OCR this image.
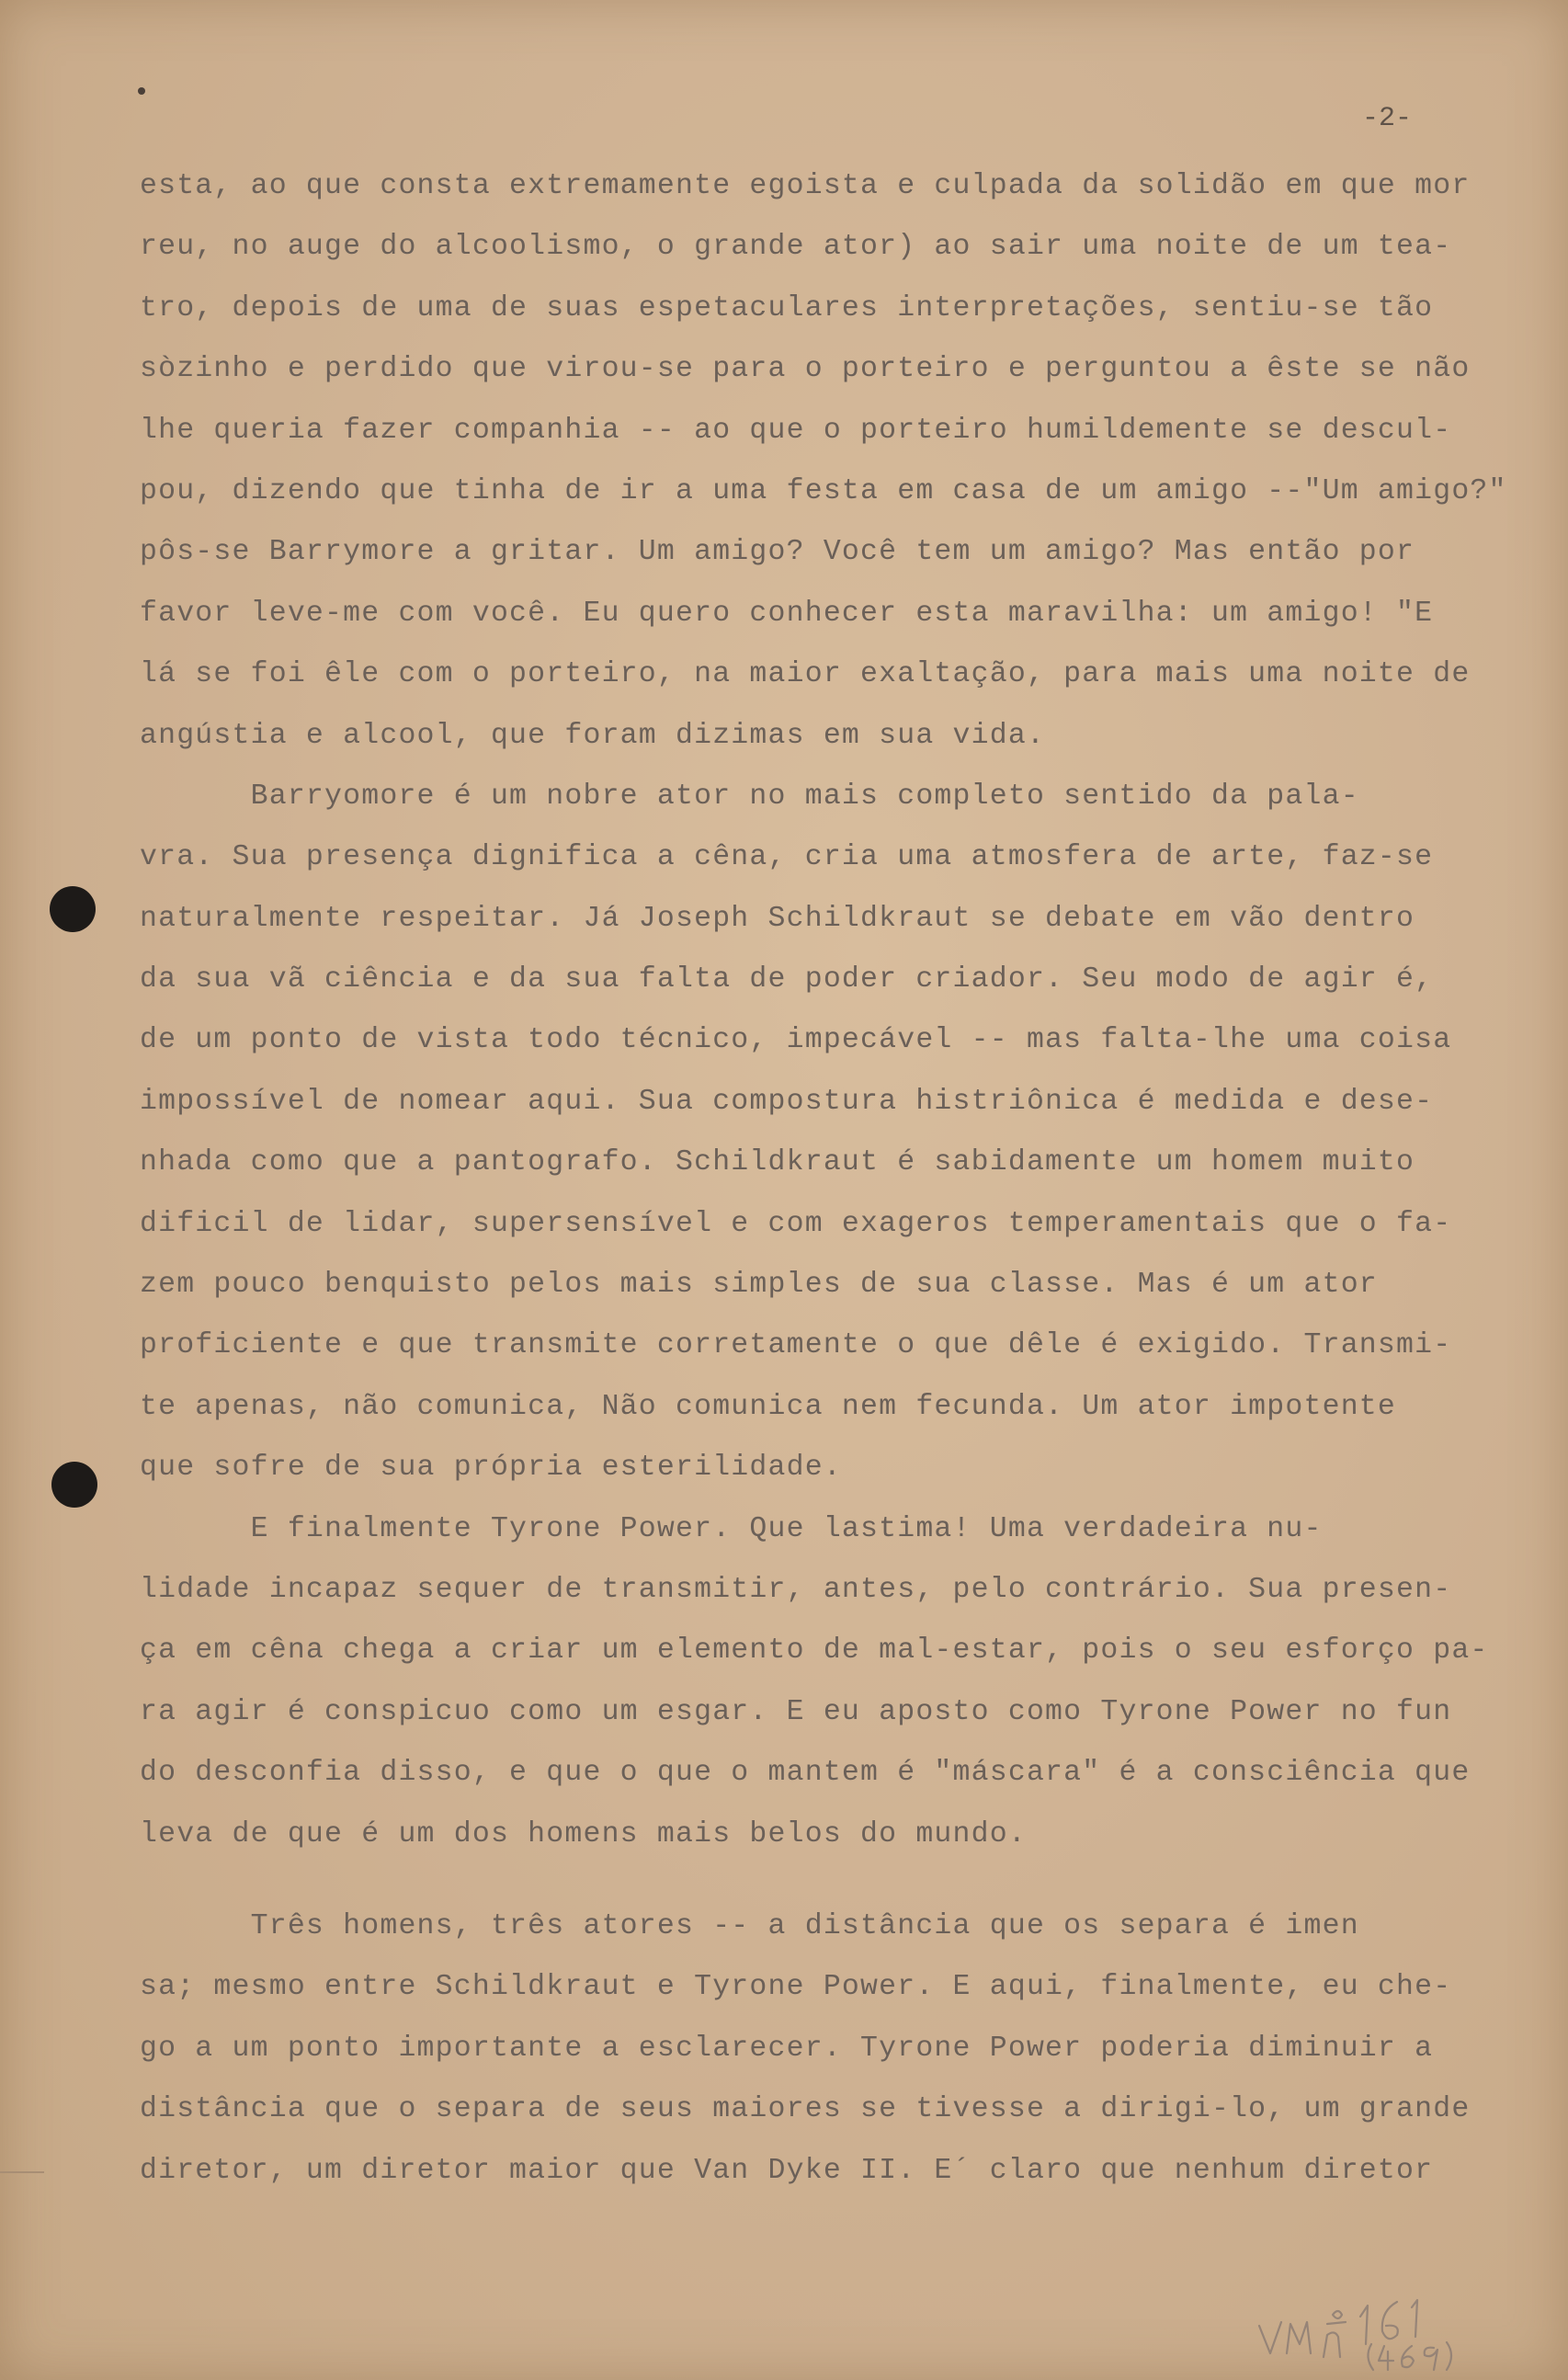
-2-
esta, ao que consta extremamente egoista e culpada da solidão em que mor
reu, no auge do alcoolismo, o grande ator) ao sair uma noite de um tea-
tro, depois de uma de suas espetaculares interpretações, sentiu-se tão
sòzinho e perdido que virou-se para o porteiro e perguntou a êste se não
lhe queria fazer companhia -- ao que o porteiro humildemente se descul-
pou, dizendo que tinha de ir a uma festa em casa de um amigo --"Um amigo?"
pôs-se Barrymore a gritar. Um amigo? Você tem um amigo? Mas então por
favor leve-me com você. Eu quero conhecer esta maravilha: um amigo! "E
lá se foi êle com o porteiro, na maior exaltação, para mais uma noite de
angústia e alcool, que foram dizimas em sua vida.
Barryomore é um nobre ator no mais completo sentido da pala-
vra. Sua presença dignifica a cêna, cria uma atmosfera de arte, faz-se
naturalmente respeitar. Já Joseph Schildkraut se debate em vão dentro
da sua vã ciência e da sua falta de poder criador. Seu modo de agir é,
de um ponto de vista todo técnico, impecável -- mas falta-lhe uma coisa
impossível de nomear aqui. Sua compostura histriônica é medida e dese-
nhada como que a pantografo. Schildkraut é sabidamente um homem muito
dificil de lidar, supersensível e com exageros temperamentais que o fa-
zem pouco benquisto pelos mais simples de sua classe. Mas é um ator
proficiente e que transmite corretamente o que dêle é exigido. Transmi-
te apenas, não comunica, Não comunica nem fecunda. Um ator impotente
que sofre de sua própria esterilidade.
E finalmente Tyrone Power. Que lastima! Uma verdadeira nu-
lidade incapaz sequer de transmitir, antes, pelo contrário. Sua presen-
ça em cêna chega a criar um elemento de mal-estar, pois o seu esforço pa-
ra agir é conspicuo como um esgar. E eu aposto como Tyrone Power no fun
do desconfia disso, e que o que o mantem é "máscara" é a consciência que
leva de que é um dos homens mais belos do mundo.
Três homens, três atores -- a distância que os separa é imen
sa; mesmo entre Schildkraut e Tyrone Power. E aqui, finalmente, eu che-
go a um ponto importante a esclarecer. Tyrone Power poderia diminuir a
distância que o separa de seus maiores se tivesse a dirigi-lo, um grande
diretor, um diretor maior que Van Dyke II. E´ claro que nenhum diretor
